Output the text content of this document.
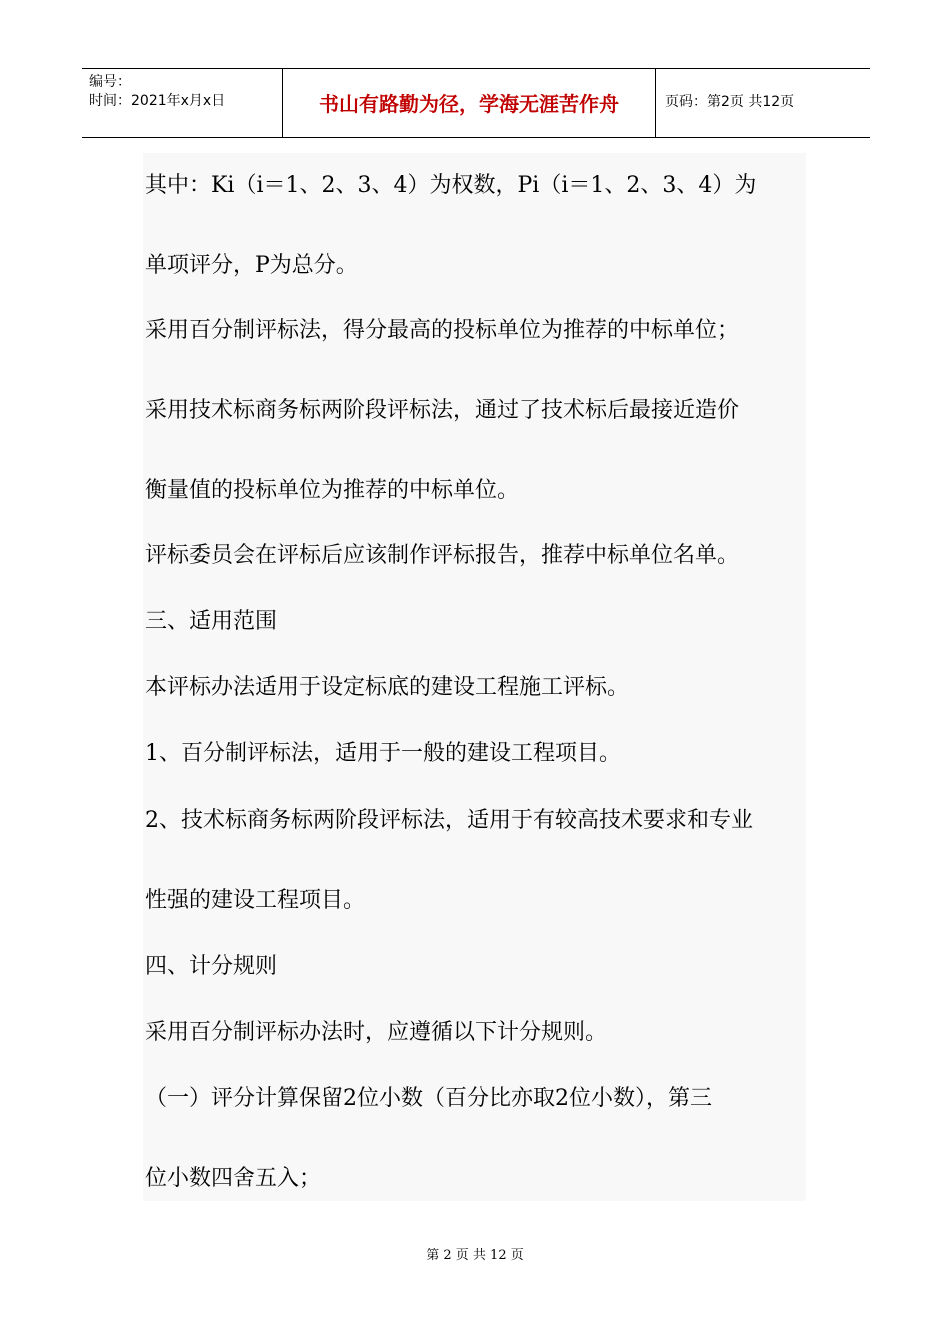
编号：
时间：2021年x月x日	书山有路勤为径，学海无涯苦作舟	页码：第2页 共12页
其中：Ki（i＝1、2、3、4）为权数，Pi（i＝1、2、3、4）为
单项评分，P为总分。
采用百分制评标法，得分最高的投标单位为推荐的中标单位；
采用技术标商务标两阶段评标法，通过了技术标后最接近造价
衡量值的投标单位为推荐的中标单位。
评标委员会在评标后应该制作评标报告，推荐中标单位名单。
三、适用范围
本评标办法适用于设定标底的建设工程施工评标。
1、百分制评标法，适用于一般的建设工程项目。
2、技术标商务标两阶段评标法，适用于有较高技术要求和专业
性强的建设工程项目。
四、计分规则
采用百分制评标办法时，应遵循以下计分规则。
（一）评分计算保留2位小数（百分比亦取2位小数），第三
位小数四舍五入；
第 2 页 共 12 页
